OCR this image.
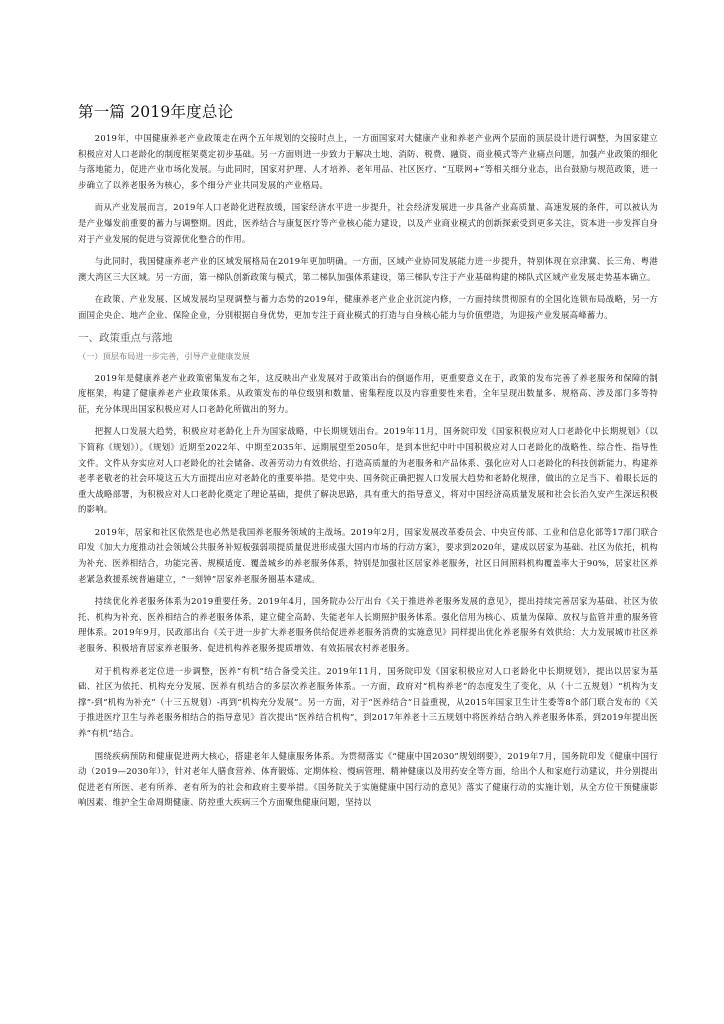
第一篇 2019年度总论

2019年，中国健康养老产业政策走在两个五年规划的交接时点上，一方面国家对大健康产业和养老产业两个层面的顶层设计进行调整，为国家建立积极应对人口老龄化的制度框架奠定初步基础。另一方面则进一步致力于解决土地、消防、税费、融资、商业模式等产业痛点问题，加强产业政策的细化与落地能力，促进产业市场化发展。与此同时，国家对护理、人才培养、老年用品、社区医疗、“互联网+”等相关细分业态，出台鼓励与规范政策，进一步确立了以养老服务为核心，多个细分产业共同发展的产业格局。

而从产业发展而言，2019年人口老龄化进程放缓，国家经济水平进一步提升，社会经济发展进一步具备产业高质量、高速发展的条件，可以被认为是产业爆发前重要的蓄力与调整期。因此，医养结合与康复医疗等产业核心能力建设，以及产业商业模式的创新探索受到更多关注，资本进一步发挥自身对于产业发展的促进与资源优化整合的作用。

与此同时，我国健康养老产业的区域发展格局在2019年更加明确。一方面，区域产业协同发展能力进一步提升，特别体现在京津冀、长三角、粤港澳大湾区三大区域。另一方面，第一梯队创新政策与模式，第二梯队加强体系建设，第三梯队专注于产业基础构建的梯队式区域产业发展走势基本确立。

在政策、产业发展、区域发展均呈现调整与蓄力态势的2019年，健康养老产业企业沉淀内修，一方面持续贯彻原有的全国化连锁布局战略，另一方面国企央企、地产企业、保险企业，分别根据自身优势，更加专注于商业模式的打造与自身核心能力与价值塑造，为迎接产业发展高峰蓄力。

一、政策重点与落地
（一）顶层布局进一步完善，引导产业健康发展

2019年是健康养老产业政策密集发布之年，这反映出产业发展对于政策出台的倒逼作用，更重要意义在于，政策的发布完善了养老服务和保障的制度框架，构建了健康养老产业政策体系。从政策发布的单位级别和数量、密集程度以及内容重要性来看，全年呈现出数量多、规格高、涉及部门多等特征，充分体现出国家积极应对人口老龄化所做出的努力。

把握人口发展大趋势，积极应对老龄化上升为国家战略，中长期规划出台。2019年11月，国务院印发《国家积极应对人口老龄化中长期规划》（以下简称《规划》）。《规划》近期至2022年、中期至2035年、远期展望至2050年，是到本世纪中叶中国积极应对人口老龄化的战略性、综合性、指导性文件。文件从夯实应对人口老龄化的社会储备、改善劳动力有效供给、打造高质量的为老服务和产品体系、强化应对人口老龄化的科技创新能力、构建养老孝老敬老的社会环境这五大方面提出应对老龄化的重要举措。是党中央、国务院正确把握人口发展大趋势和老龄化规律，做出的立足当下、着眼长远的重大战略部署，为积极应对人口老龄化奠定了理论基础，提供了解决思路，具有重大的指导意义，将对中国经济高质量发展和社会长治久安产生深远积极的影响。

2019年，居家和社区依然是也必然是我国养老服务领域的主战场。2019年2月，国家发展改革委员会、中央宣传部、工业和信息化部等17部门联合印发《加大力度推动社会领域公共服务补短板强弱项提质量促进形成强大国内市场的行动方案》，要求到2020年，建成以居家为基础、社区为依托，机构为补充、医养相结合，功能完善、规模适度、覆盖城乡的养老服务体系，特别是加强社区居家养老服务，社区日间照料机构覆盖率大于90%，居家社区养老紧急救援系统普遍建立，“一刻钟”居家养老服务圈基本建成。

持续优化养老服务体系为2019重要任务。2019年4月，国务院办公厅出台《关于推进养老服务发展的意见》，提出持续完善居家为基础、社区为依托、机构为补充、医养相结合的养老服务体系，建立健全高龄、失能老年人长期照护服务体系。强化信用为核心、质量为保障、放权与监管并重的服务管理体系。2019年9月，民政部出台《关于进一步扩大养老服务供给促进养老服务消费的实施意见》同样提出优化养老服务有效供给：大力发展城市社区养老服务、积极培育居家养老服务、促进机构养老服务提质增效、有效拓展农村养老服务。

对于机构养老定位进一步调整，医养“有机”结合备受关注。2019年11月，国务院印发《国家积极应对人口老龄化中长期规划》，提出以居家为基础、社区为依托、机构充分发展、医养有机结合的多层次养老服务体系。一方面，政府对“机构养老”的态度发生了变化，从（十二五规划）“机构为支撑”-到“机构为补充”（十三五规划）-再到“机构充分发展”。另一方面，对于“医养结合”日益重视，从2015年国家卫生计生委等8个部门联合发布的《关于推进医疗卫生与养老服务相结合的指导意见》首次提出“医养结合机构”，到2017年养老十三五规划中将医养结合纳入养老服务体系，到2019年提出医养“有机”结合。

围绕疾病预防和健康促进两大核心，搭建老年人健康服务体系。为贯彻落实《“健康中国2030”规划纲要》，2019年7月，国务院印发《健康中国行动（2019—2030年）》，针对老年人膳食营养、体育锻炼、定期体检、慢病管理、精神健康以及用药安全等方面，给出个人和家庭行动建议，并分别提出促进老有所医、老有所养、老有所为的社会和政府主要举措。《国务院关于实施健康中国行动的意见》落实了健康行动的实施计划，从全方位干预健康影响因素、维护全生命周期健康、防控重大疾病三个方面聚焦健康问题，坚持以
